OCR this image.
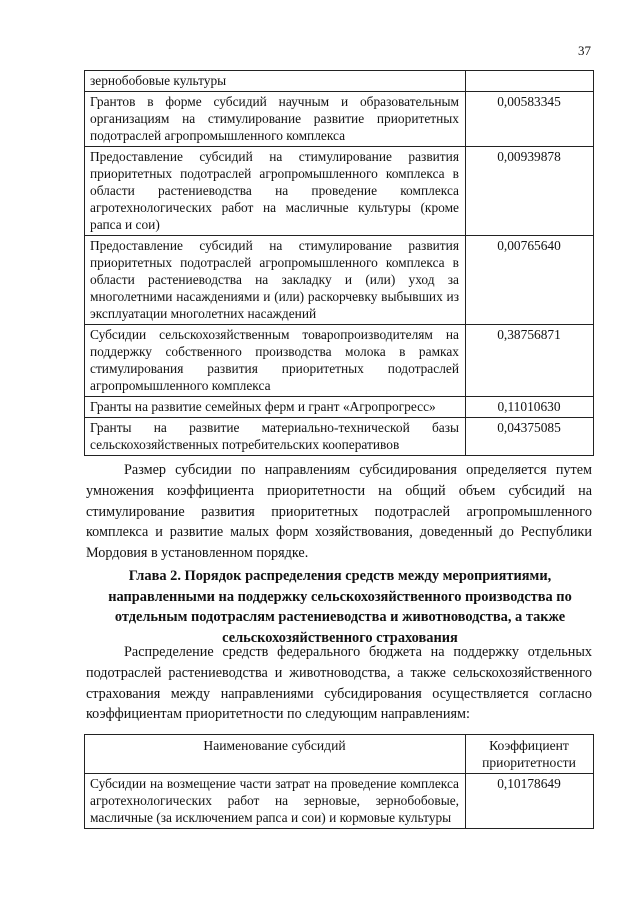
37
зернобобовые культуры	
Грантов в форме субсидий научным и образовательным организациям на стимулирование развитие приоритетных подотраслей агропромышленного комплекса	0,00583345
Предоставление субсидий на стимулирование развития приоритетных подотраслей агропромышленного комплекса в области растениеводства на проведение комплекса агротехнологических работ на масличные культуры (кроме рапса и сои)	0,00939878
Предоставление субсидий на стимулирование развития приоритетных подотраслей агропромышленного комплекса в области растениеводства на закладку и (или) уход за многолетними насаждениями и (или) раскорчевку выбывших из эксплуатации многолетних насаждений	0,00765640
Субсидии сельскохозяйственным товаропроизводителям на поддержку собственного производства молока в рамках стимулирования развития приоритетных подотраслей агропромышленного комплекса	0,38756871
Гранты на развитие семейных ферм и грант «Агропрогресс»	0,11010630
Гранты на развитие материально-технической базы сельскохозяйственных потребительских кооперативов	0,04375085

Размер субсидии по направлениям субсидирования определяется путем умножения коэффициента приоритетности на общий объем субсидий на стимулирование развития приоритетных подотраслей агропромышленного комплекса и развитие малых форм хозяйствования, доведенный до Республики Мордовия в установленном порядке.

Глава 2. Порядок распределения средств между мероприятиями, направленными на поддержку сельскохозяйственного производства по отдельным подотраслям растениеводства и животноводства, а также сельскохозяйственного страхования

Распределение средств федерального бюджета на поддержку отдельных подотраслей растениеводства и животноводства, а также сельскохозяйственного страхования между направлениями субсидирования осуществляется согласно коэффициентам приоритетности по следующим направлениям:

Наименование субсидий	Коэффициент приоритетности
Субсидии на возмещение части затрат на проведение комплекса агротехнологических работ на зерновые, зернобобовые, масличные (за исключением рапса и сои) и кормовые культуры	0,10178649
